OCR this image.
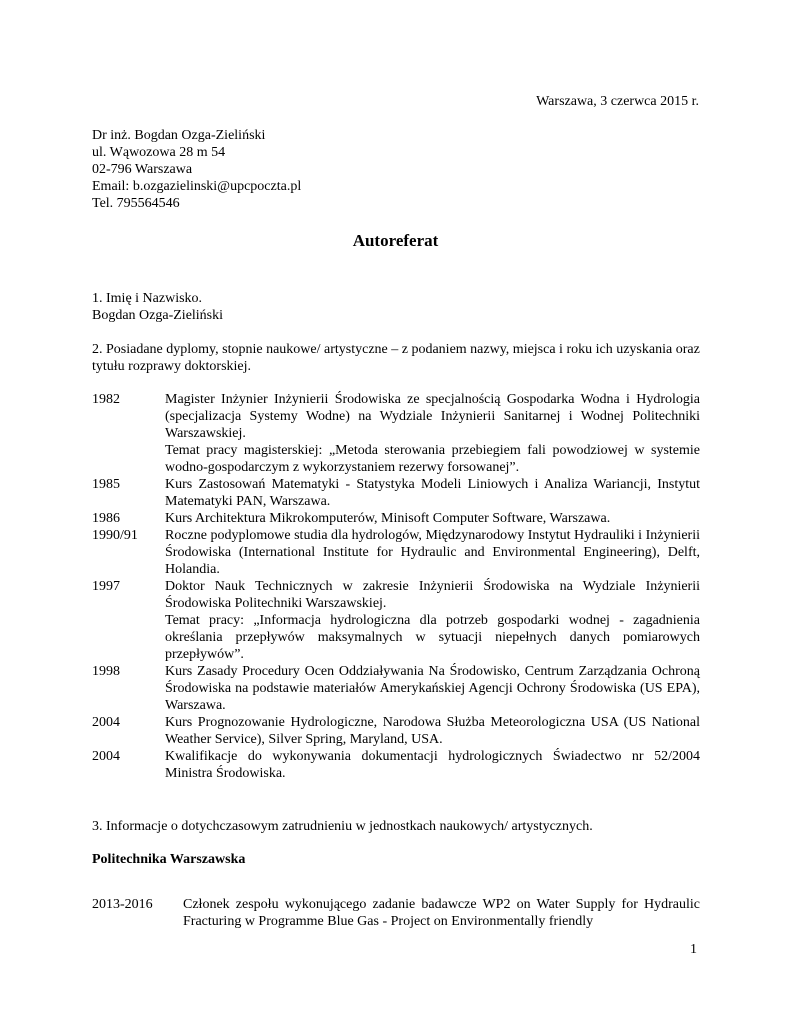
Warszawa, 3 czerwca 2015 r.
Dr inż. Bogdan Ozga-Zieliński
ul. Wąwozowa 28 m 54
02-796 Warszawa
Email: b.ozgazielinski@upcpoczta.pl
Tel. 795564546
Autoreferat
1. Imię i Nazwisko.
Bogdan Ozga-Zieliński
2. Posiadane dyplomy, stopnie naukowe/ artystyczne – z podaniem nazwy, miejsca i roku ich uzyskania oraz tytułu rozprawy doktorskiej.
1982	Magister Inżynier Inżynierii Środowiska ze specjalnością Gospodarka Wodna i Hydrologia (specjalizacja Systemy Wodne) na Wydziale Inżynierii Sanitarnej i Wodnej Politechniki Warszawskiej.

Temat pracy magisterskiej: „Metoda sterowania przebiegiem fali powodziowej w systemie wodno-gospodarczym z wykorzystaniem rezerwy forsowanej”.

1985	Kurs Zastosowań Matematyki - Statystyka Modeli Liniowych i Analiza Wariancji, Instytut Matematyki PAN, Warszawa.

1986	Kurs Architektura Mikrokomputerów, Minisoft Computer Software, Warszawa.

1990/91	Roczne podyplomowe studia dla hydrologów, Międzynarodowy Instytut Hydrauliki i Inżynierii Środowiska (International Institute for Hydraulic and Environmental Engineering), Delft, Holandia.

1997	Doktor Nauk Technicznych w zakresie Inżynierii Środowiska na Wydziale Inżynierii Środowiska Politechniki Warszawskiej.

Temat pracy: „Informacja hydrologiczna dla potrzeb gospodarki wodnej - zagadnienia określania przepływów maksymalnych w sytuacji niepełnych danych pomiarowych przepływów”.

1998	Kurs Zasady Procedury Ocen Oddziaływania Na Środowisko, Centrum Zarządzania Ochroną Środowiska na podstawie materiałów Amerykańskiej Agencji Ochrony Środowiska (US EPA), Warszawa.

2004	Kurs Prognozowanie Hydrologiczne, Narodowa Służba Meteorologiczna USA (US National Weather Service), Silver Spring, Maryland, USA.

2004	Kwalifikacje do wykonywania dokumentacji hydrologicznych Świadectwo nr 52/2004 Ministra Środowiska.

3. Informacje o dotychczasowym zatrudnieniu w jednostkach naukowych/ artystycznych.
Politechnika Warszawska
2013-2016	Członek zespołu wykonującego zadanie badawcze WP2 on Water Supply for Hydraulic Fracturing w Programme Blue Gas - Project on Environmentally friendly
1
